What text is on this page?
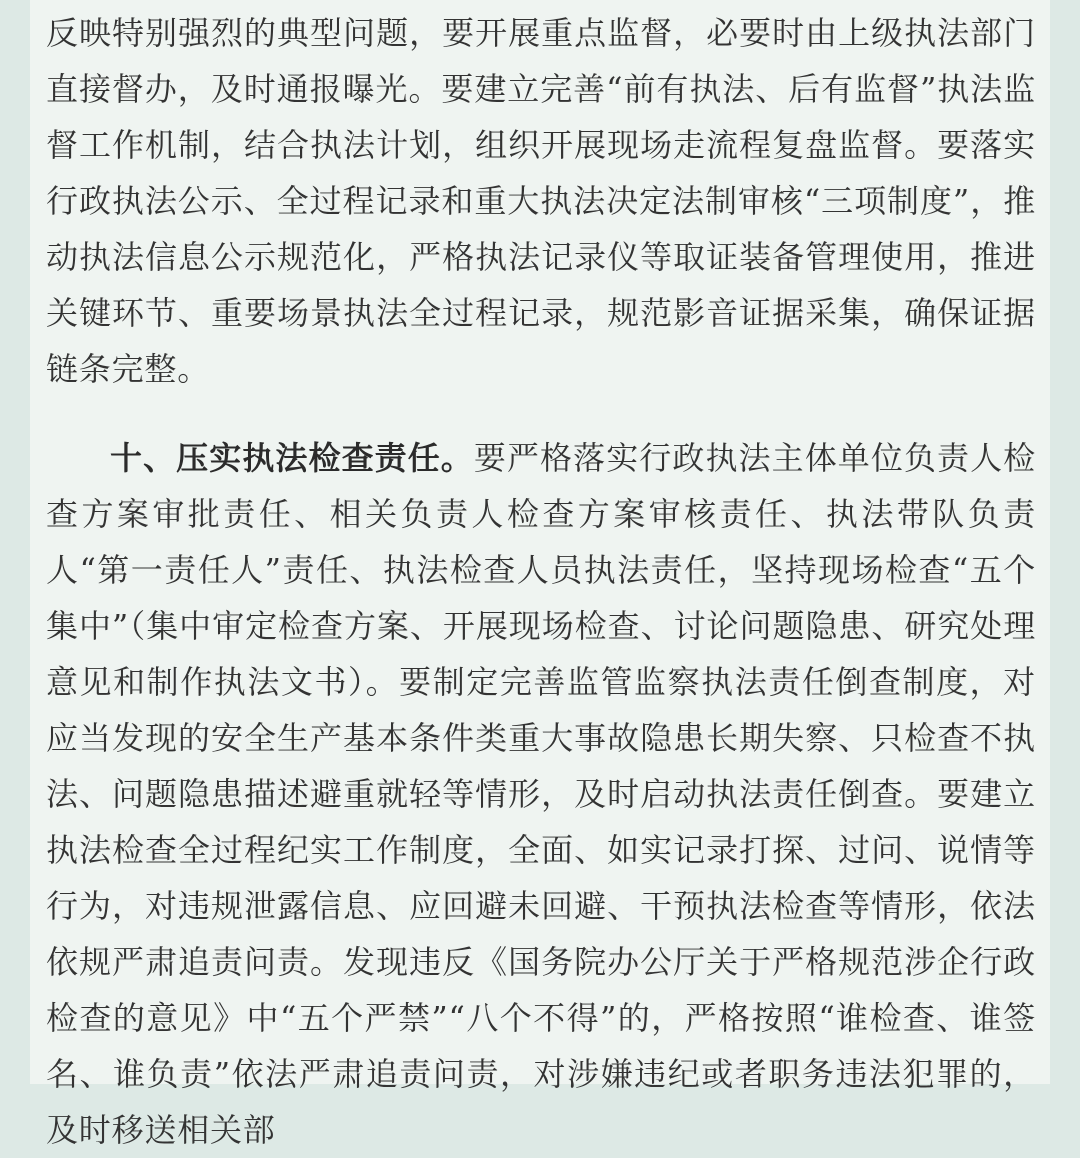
反映特别强烈的典型问题，要开展重点监督，必要时由上级执法部门直接督办，及时通报曝光。要建立完善“前有执法、后有监督”执法监督工作机制，结合执法计划，组织开展现场走流程复盘监督。要落实行政执法公示、全过程记录和重大执法决定法制审核“三项制度”，推动执法信息公示规范化，严格执法记录仪等取证装备管理使用，推进关键环节、重要场景执法全过程记录，规范影音证据采集，确保证据链条完整。

十、压实执法检查责任。要严格落实行政执法主体单位负责人检查方案审批责任、相关负责人检查方案审核责任、执法带队负责人“第一责任人”责任、执法检查人员执法责任，坚持现场检查“五个集中”（集中审定检查方案、开展现场检查、讨论问题隐患、研究处理意见和制作执法文书）。要制定完善监管监察执法责任倒查制度，对应当发现的安全生产基本条件类重大事故隐患长期失察、只检查不执法、问题隐患描述避重就轻等情形，及时启动执法责任倒查。要建立执法检查全过程纪实工作制度，全面、如实记录打探、过问、说情等行为，对违规泄露信息、应回避未回避、干预执法检查等情形，依法依规严肃追责问责。发现违反《国务院办公厅关于严格规范涉企行政检查的意见》中“五个严禁”“八个不得”的，严格按照“谁检查、谁签名、谁负责”依法严肃追责问责，对涉嫌违纪或者职务违法犯罪的，及时移送相关部
